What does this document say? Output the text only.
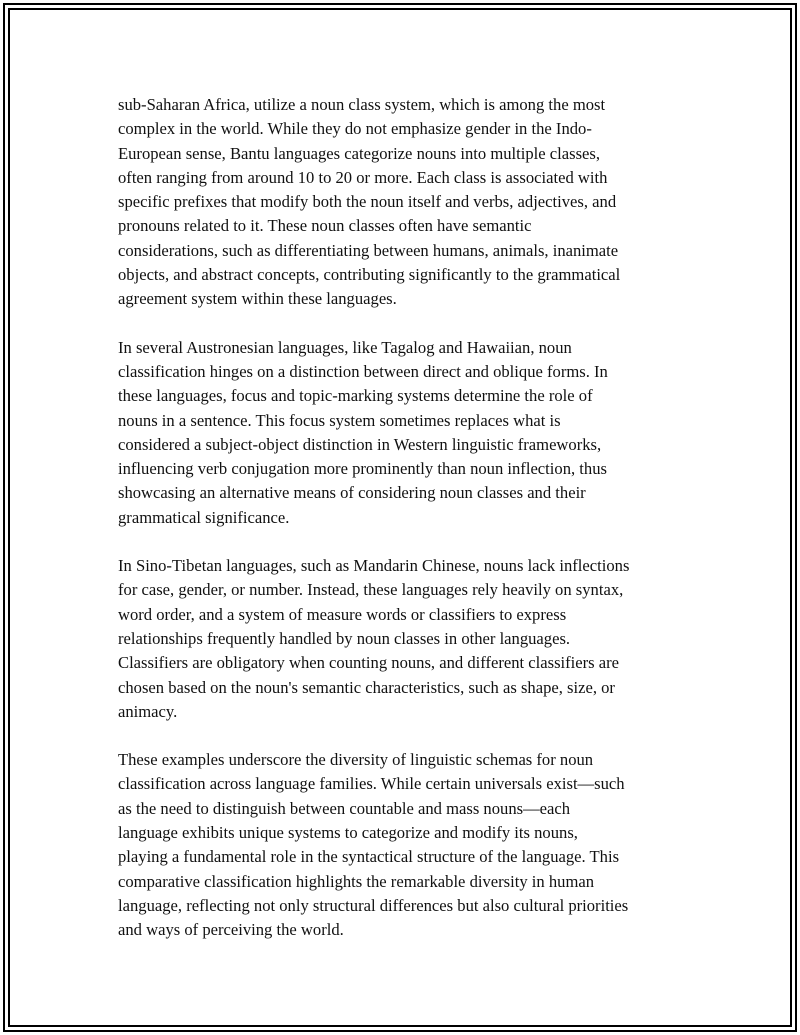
sub-Saharan Africa, utilize a noun class system, which is among the most
complex in the world. While they do not emphasize gender in the Indo-
European sense, Bantu languages categorize nouns into multiple classes,
often ranging from around 10 to 20 or more. Each class is associated with
specific prefixes that modify both the noun itself and verbs, adjectives, and
pronouns related to it. These noun classes often have semantic
considerations, such as differentiating between humans, animals, inanimate
objects, and abstract concepts, contributing significantly to the grammatical
agreement system within these languages.

In several Austronesian languages, like Tagalog and Hawaiian, noun
classification hinges on a distinction between direct and oblique forms. In
these languages, focus and topic-marking systems determine the role of
nouns in a sentence. This focus system sometimes replaces what is
considered a subject-object distinction in Western linguistic frameworks,
influencing verb conjugation more prominently than noun inflection, thus
showcasing an alternative means of considering noun classes and their
grammatical significance.

In Sino-Tibetan languages, such as Mandarin Chinese, nouns lack inflections
for case, gender, or number. Instead, these languages rely heavily on syntax,
word order, and a system of measure words or classifiers to express
relationships frequently handled by noun classes in other languages.
Classifiers are obligatory when counting nouns, and different classifiers are
chosen based on the noun's semantic characteristics, such as shape, size, or
animacy.

These examples underscore the diversity of linguistic schemas for noun
classification across language families. While certain universals exist—such
as the need to distinguish between countable and mass nouns—each
language exhibits unique systems to categorize and modify its nouns,
playing a fundamental role in the syntactical structure of the language. This
comparative classification highlights the remarkable diversity in human
language, reflecting not only structural differences but also cultural priorities
and ways of perceiving the world.
